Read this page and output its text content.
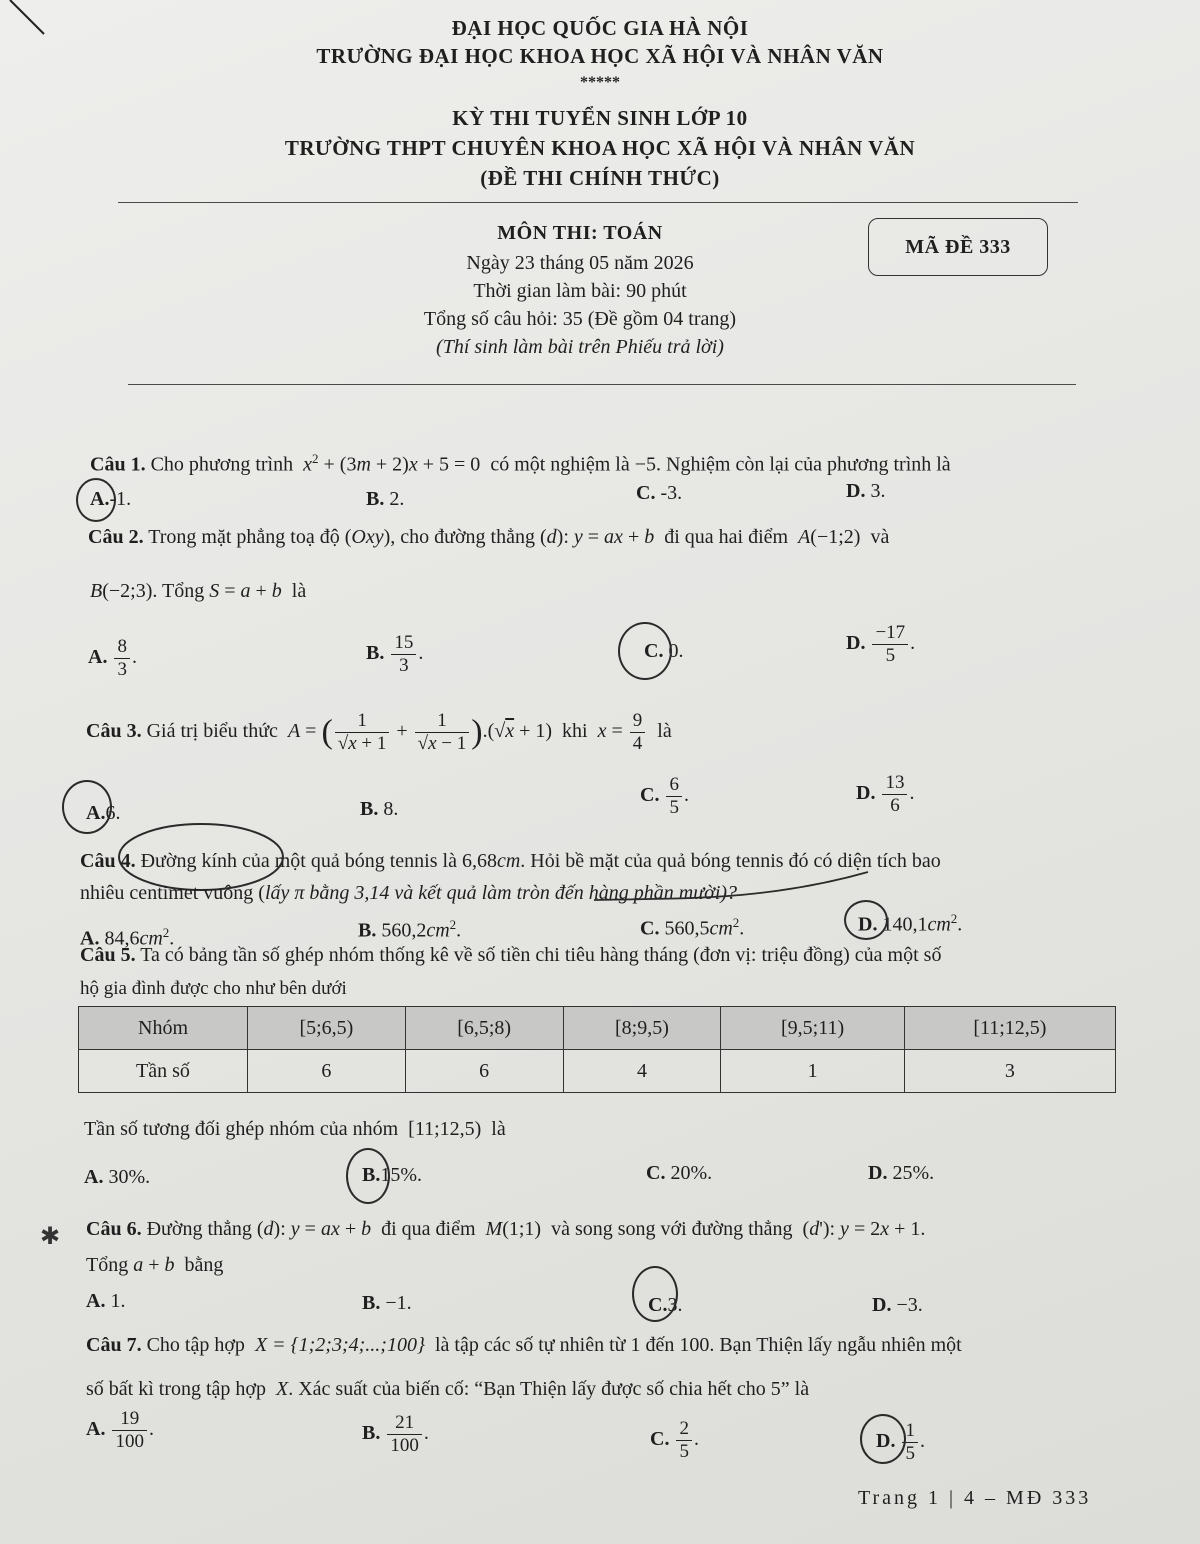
ĐẠI HỌC QUỐC GIA HÀ NỘI
TRƯỜNG ĐẠI HỌC KHOA HỌC XÃ HỘI VÀ NHÂN VĂN
*****
KỲ THI TUYỂN SINH LỚP 10
TRƯỜNG THPT CHUYÊN KHOA HỌC XÃ HỘI VÀ NHÂN VĂN
(ĐỀ THI CHÍNH THỨC)
MÔN THI: TOÁN
Ngày 23 tháng 05 năm 2026
Thời gian làm bài: 90 phút
Tổng số câu hỏi: 35 (Đề gồm 04 trang)
(Thí sinh làm bài trên Phiếu trả lời)
MÃ ĐỀ 333
Câu 1. Cho phương trình $x^2 + (3m + 2)x + 5 = 0$  có một nghiệm là −5. Nghiệm còn lại của phương trình là
A.-1.	B. 2.	C. -3.	D. 3.
Câu 2. Trong mặt phẳng toạ độ (Oxy), cho đường thẳng (d): y = ax + b đi qua hai điểm A(−1;2)  và
B(−2;3). Tổng S = a + b là
A. $\frac{8}{3}$ .	B. $\frac{15}{3}$ .	C. 0.	D. $\frac{-17}{5}$ .
Câu 3. Giá trị biểu thức A = ( $\frac{1}{√x + 1} + \frac{1}{√x - 1} ).(√x + 1)$  khi $x = \frac{9}{4}$ là
A.6.	B. 8.
C. $\frac{6}{5}$ .	D. $\frac{13}{6}$ .
Câu 4. Đường kính của một quả bóng tennis là 6,68cm. Hỏi bề mặt của quả bóng tennis đó có diện tích bao
nhiêu centimet vuông (lấy π bằng 3,14 và kết quả làm tròn đến hàng phần mười)?
A. $84,6cm^2$.	B. $560,2cm^2$.	C. $560,5cm^2$.	D. $140,1cm^2$.
Câu 5. Ta có bảng tần số ghép nhóm thống kê về số tiền chi tiêu hàng tháng (đơn vị: triệu đồng) của một số
hộ gia đình được cho như bên dưới
Nhóm	[5;6,5)	[6,5;8)	[8;9,5)	[9,5;11)	[11;12,5)
Tần số	6	6	4	1	3
Tần số tương đối ghép nhóm của nhóm [11;12,5) là
A. 30%.	B.15%.	C. 20%.	D. 25%.
✱ Câu 6. Đường thẳng (d): y = ax + b đi qua điểm M(1;1)  và song song với đường thẳng  (d'): y = 2x + 1.
Tổng a + b bằng
A. 1.	B. −1.	C.3.	D. −3.
Câu 7. Cho tập hợp X = {1;2;3;4;...;100} là tập các số tự nhiên từ 1 đến 100. Bạn Thiện lấy ngẫu nhiên một
số bất kì trong tập hợp X. Xác suất của biến cố: “Bạn Thiện lấy được số chia hết cho 5” là
A. $\frac{19}{100}$ .	B. $\frac{21}{100}$ .	C. $\frac{2}{5}$ .	D. $\frac{1}{5}$ .
Trang 1 | 4 – MĐ 333
